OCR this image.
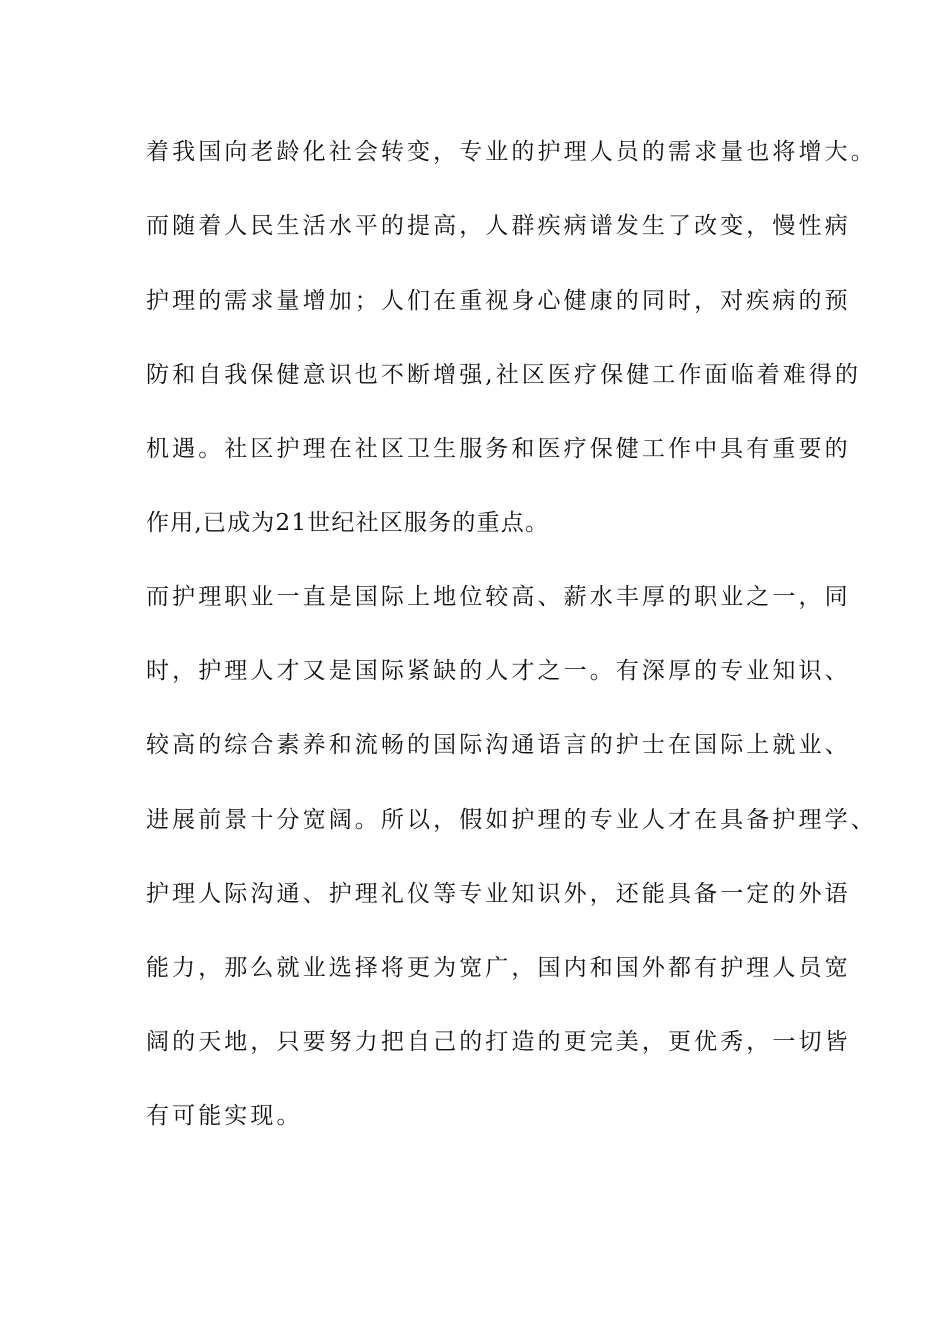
着我国向老龄化社会转变，专业的护理人员的需求量也将增大。
而随着人民生活水平的提高，人群疾病谱发生了改变，慢性病
护理的需求量增加；人们在重视身心健康的同时，对疾病的预
防和自我保健意识也不断增强,社区医疗保健工作面临着难得的
机遇。社区护理在社区卫生服务和医疗保健工作中具有重要的
作用,已成为21世纪社区服务的重点。
而护理职业一直是国际上地位较高、薪水丰厚的职业之一，同
时，护理人才又是国际紧缺的人才之一。有深厚的专业知识、
较高的综合素养和流畅的国际沟通语言的护士在国际上就业、
进展前景十分宽阔。所以，假如护理的专业人才在具备护理学、
护理人际沟通、护理礼仪等专业知识外，还能具备一定的外语
能力，那么就业选择将更为宽广，国内和国外都有护理人员宽
阔的天地，只要努力把自己的打造的更完美，更优秀，一切皆
有可能实现。
